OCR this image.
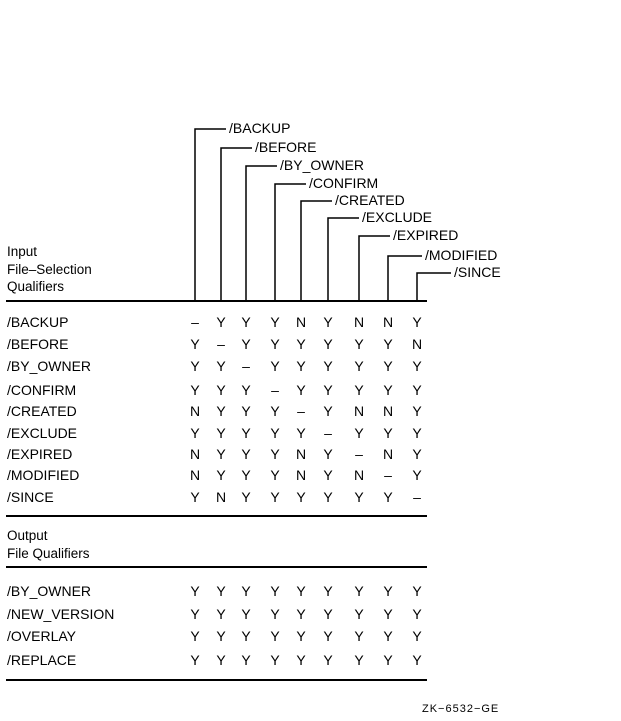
/BACKUP
/BEFORE
/BY_OWNER
/CONFIRM
/CREATED
/EXCLUDE
/EXPIRED
/MODIFIED
/SINCE
Input
File–Selection
Qualifiers
/BACKUP	– Y Y Y N Y N N Y
/BEFORE	Y – Y Y Y Y Y Y N
/BY_OWNER	Y Y – Y Y Y Y Y Y
/CONFIRM	Y Y Y – Y Y Y Y Y
/CREATED	N Y Y Y – Y N N Y
/EXCLUDE	Y Y Y Y Y – Y Y Y
/EXPIRED	N Y Y Y N Y – N Y
/MODIFIED	N Y Y Y N Y N – Y
/SINCE	Y N Y Y Y Y Y Y –
Output
File Qualifiers
/BY_OWNER	Y Y Y Y Y Y Y Y Y
/NEW_VERSION	Y Y Y Y Y Y Y Y Y
/OVERLAY	Y Y Y Y Y Y Y Y Y
/REPLACE	Y Y Y Y Y Y Y Y Y
ZK−6532−GE
